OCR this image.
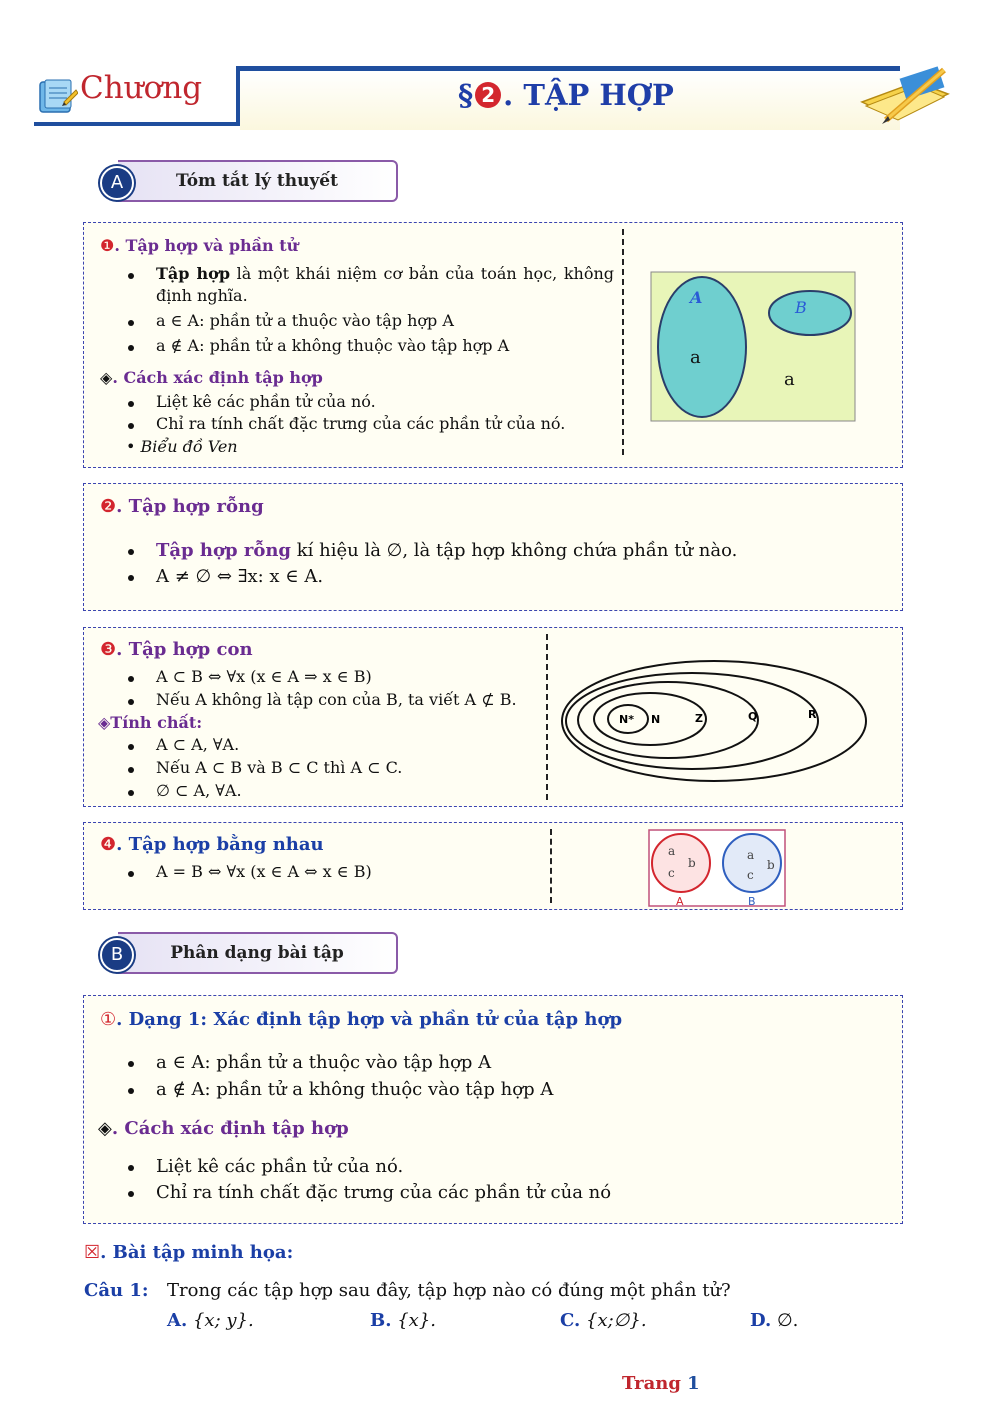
Chương	§ 2 . TẬP HỢP
Tóm tắt lý thuyết
A
❶. Tập hợp và phần tử
Tập hợp là một khái niệm cơ bản của toán học, không định nghĩa.
a ∈ A: phần tử a thuộc vào tập hợp A
a ∉ A: phần tử a không thuộc vào tập hợp A
◈. Cách xác định tập hợp
Liệt kê các phần tử của nó.
Chỉ ra tính chất đặc trưng của các phần tử của nó.
• Biểu đồ Ven
A
B
a
a
❷. Tập hợp rỗng
Tập hợp rỗng kí hiệu là ∅, là tập hợp không chứa phần tử nào.
A ≠ ∅ ⇔ ∃x: x ∈ A.
❸. Tập hợp con
A ⊂ B ⇔ ∀x (x ∈ A ⇒ x ∈ B)
Nếu A không là tập con của B, ta viết A ⊄ B.
◈Tính chất:
A ⊂ A, ∀A.
Nếu A ⊂ B và B ⊂ C thì A ⊂ C.
∅ ⊂ A, ∀A.
N* N	Z	Q	R
❹. Tập hợp bằng nhau
A = B ⇔ ∀x (x ∈ A ⇔ x ∈ B)
a
b
c
a
b
c
A	B
Phân dạng bài tập
B
①. Dạng 1: Xác định tập hợp và phần tử của tập hợp
a ∈ A: phần tử a thuộc vào tập hợp A
a ∉ A: phần tử a không thuộc vào tập hợp A
◈. Cách xác định tập hợp
Liệt kê các phần tử của nó.
Chỉ ra tính chất đặc trưng của các phần tử của nó
☒. Bài tập minh họa:
Câu 1: Trong các tập hợp sau đây, tập hợp nào có đúng một phần tử?
A. {x; y}.	B. {x}.	C. {x;∅}.	D. ∅.
Trang 1
